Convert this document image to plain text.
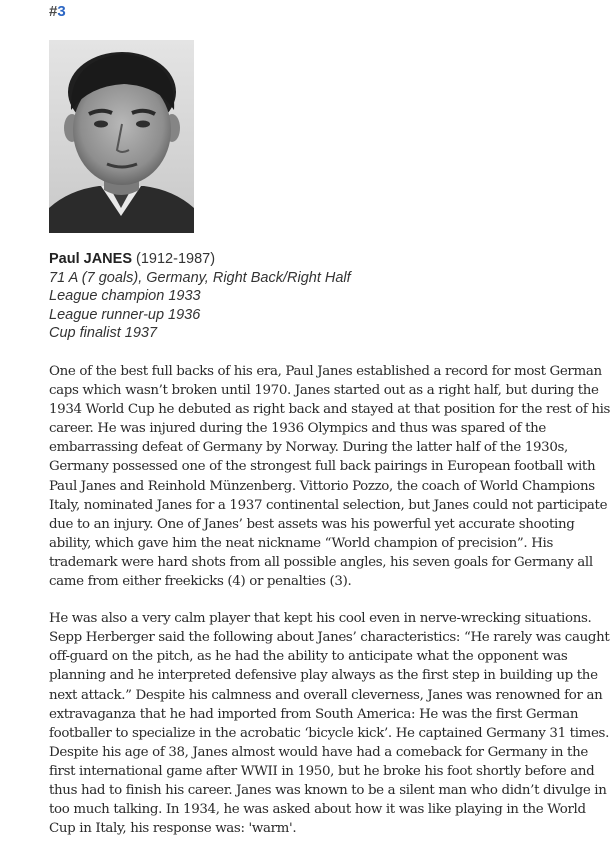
#3
Paul JANES (1912-1987)
71 A (7 goals), Germany, Right Back/Right Half
League champion 1933
League runner-up 1936
Cup finalist 1937

One of the best full backs of his era, Paul Janes established a record for most German caps which wasn’t broken until 1970. Janes started out as a right half, but during the 1934 World Cup he debuted as right back and stayed at that position for the rest of his career. He was injured during the 1936 Olympics and thus was spared of the embarrassing defeat of Germany by Norway. During the latter half of the 1930s, Germany possessed one of the strongest full back pairings in European football with Paul Janes and Reinhold Münzenberg. Vittorio Pozzo, the coach of World Champions Italy, nominated Janes for a 1937 continental selection, but Janes could not participate due to an injury. One of Janes’ best assets was his powerful yet accurate shooting ability, which gave him the neat nickname “World champion of precision”. His trademark were hard shots from all possible angles, his seven goals for Germany all came from either freekicks (4) or penalties (3).

He was also a very calm player that kept his cool even in nerve-wrecking situations. Sepp Herberger said the following about Janes’ characteristics: “He rarely was caught off-guard on the pitch, as he had the ability to anticipate what the opponent was planning and he interpreted defensive play always as the first step in building up the next attack.” Despite his calmness and overall cleverness, Janes was renowned for an extravaganza that he had imported from South America: He was the first German footballer to specialize in the acrobatic ‘bicycle kick’. He captained Germany 31 times. Despite his age of 38, Janes almost would have had a comeback for Germany in the first international game after WWII in 1950, but he broke his foot shortly before and thus had to finish his career. Janes was known to be a silent man who didn’t divulge in too much talking. In 1934, he was asked about how it was like playing in the World Cup in Italy, his response was: 'warm'.
